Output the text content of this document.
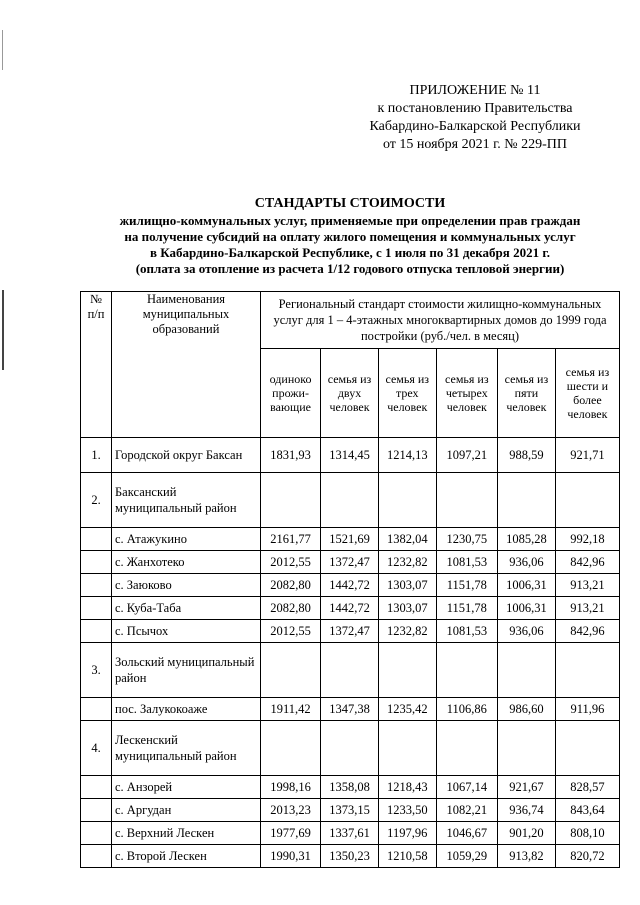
ПРИЛОЖЕНИЕ № 11
к постановлению Правительства
Кабардино-Балкарской Республики
от 15 ноября 2021 г. № 229-ПП
СТАНДАРТЫ СТОИМОСТИ
жилищно-коммунальных услуг, применяемые при определении прав граждан
на получение субсидий на оплату жилого помещения и коммунальных услуг
в Кабардино-Балкарской Республике, с 1 июля по 31 декабря 2021 г.
(оплата за отопление из расчета 1/12 годового отпуска тепловой энергии)
№ п/п	Наименования муниципальных образований	Региональный стандарт стоимости жилищно-коммунальных услуг для 1 – 4-этажных многоквартирных домов до 1999 года постройки (руб./чел. в месяц)					
		одиноко прожи-вающие	семья из двух человек	семья из трех человек	семья из четырех человек	семья из пяти человек	семья из шести и более человек
1.	Городской округ Баксан	1831,93	1314,45	1214,13	1097,21	988,59	921,71
2.	Баксанский муниципальный район						
	с. Атажукино	2161,77	1521,69	1382,04	1230,75	1085,28	992,18
	с. Жанхотеко	2012,55	1372,47	1232,82	1081,53	936,06	842,96
	с. Заюково	2082,80	1442,72	1303,07	1151,78	1006,31	913,21
	с. Куба-Таба	2082,80	1442,72	1303,07	1151,78	1006,31	913,21
	с. Псычох	2012,55	1372,47	1232,82	1081,53	936,06	842,96
3.	Зольский муниципальный район						
	пос. Залукокоаже	1911,42	1347,38	1235,42	1106,86	986,60	911,96
4.	Лескенский муниципальный район						
	с. Анзорей	1998,16	1358,08	1218,43	1067,14	921,67	828,57
	с. Аргудан	2013,23	1373,15	1233,50	1082,21	936,74	843,64
	с. Верхний Лескен	1977,69	1337,61	1197,96	1046,67	901,20	808,10
	с. Второй Лескен	1990,31	1350,23	1210,58	1059,29	913,82	820,72
